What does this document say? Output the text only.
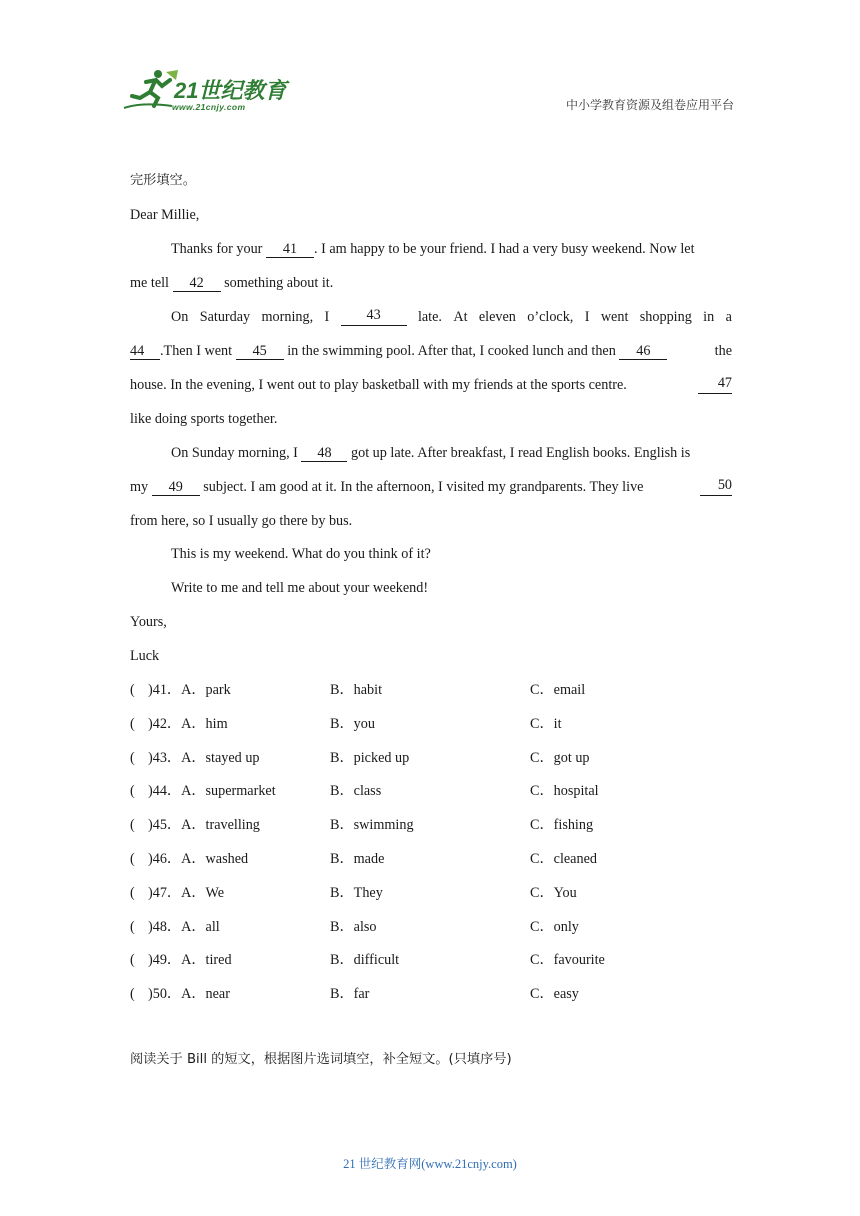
21世纪教育
www.21cnjy.com	中小学教育资源及组卷应用平台
完形填空。
Dear Millie,
Thanks for your 41 . I am happy to be your friend. I had a very busy weekend. Now let
me tell 42 something about it.
On Saturday morning, I	43	late. At eleven o’clock, I went shopping in a
44 .Then I went 45 in the swimming pool. After that, I cooked lunch and then 46	the
house. In the evening, I went out to play basketball with my friends at the sports centre.	47
like doing sports together.
On Sunday morning, I 48 got up late. After breakfast, I read English books. English is
my 49 subject. I am good at it. In the afternoon, I visited my grandparents. They live	50
from here, so I usually go there by bus.
This is my weekend. What do you think of it?
Write to me and tell me about your weekend!
Yours,
Luck
( )41．A．park	B．habit	C．email
( )42．A．him	B．you	C．it
( )43．A．stayed up	B．picked up	C．got up
( )44．A．supermarket	B．class	C．hospital
( )45．A．travelling	B．swimming	C．fishing
( )46．A．washed	B．made	C．cleaned
( )47．A．We	B．They	C．You
( )48．A．all	B．also	C．only
( )49．A．tired	B．difficult	C．favourite
( )50．A．near	B．far	C．easy
阅读关于 Bill 的短文，根据图片选词填空，补全短文。(只填序号)
21 世纪教育网(www.21cnjy.com)
